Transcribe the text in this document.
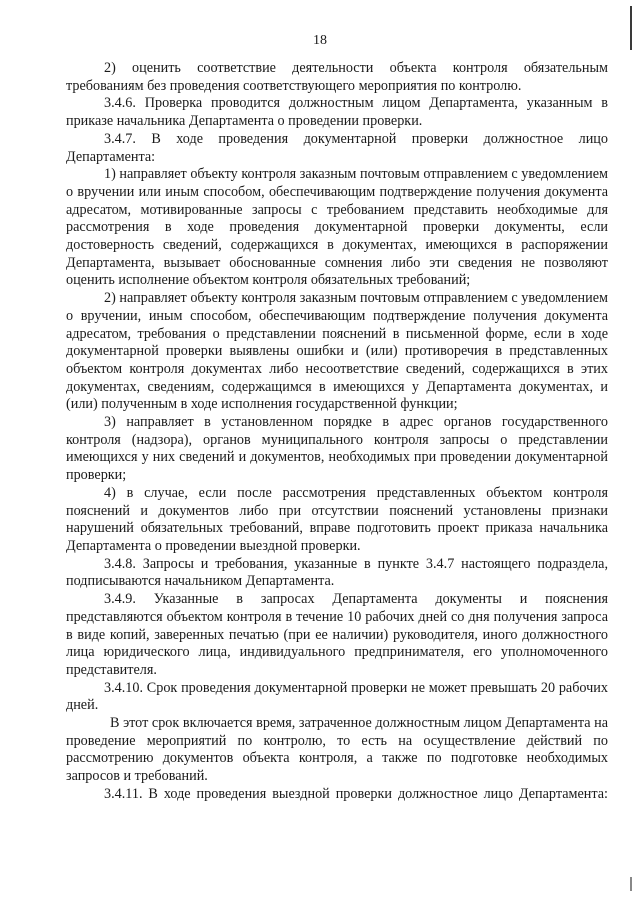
18

2) оценить соответствие деятельности объекта контроля обязательным требованиям без проведения соответствующего мероприятия по контролю.

3.4.6. Проверка проводится должностным лицом Департамента, указанным в приказе начальника Департамента о проведении проверки.

3.4.7. В ходе проведения документарной проверки должностное лицо Департамента:

1) направляет объекту контроля заказным почтовым отправлением с уведомлением о вручении или иным способом, обеспечивающим подтверждение получения документа адресатом, мотивированные запросы с требованием представить необходимые для рассмотрения в ходе проведения документарной проверки документы, если достоверность сведений, содержащихся в документах, имеющихся в распоряжении Департамента, вызывает обоснованные сомнения либо эти сведения не позволяют оценить исполнение объектом контроля обязательных требований;

2) направляет объекту контроля заказным почтовым отправлением с уведомлением о вручении, иным способом, обеспечивающим подтверждение получения документа адресатом, требования о представлении пояснений в письменной форме, если в ходе документарной проверки выявлены ошибки и (или) противоречия в представленных объектом контроля документах либо несоответствие сведений, содержащихся в этих документах, сведениям, содержащимся в имеющихся у Департамента документах, и (или) полученным в ходе исполнения государственной функции;

3) направляет в установленном порядке в адрес органов государственного контроля (надзора), органов муниципального контроля запросы о представлении имеющихся у них сведений и документов, необходимых при проведении документарной проверки;

4) в случае, если после рассмотрения представленных объектом контроля пояснений и документов либо при отсутствии пояснений установлены признаки нарушений обязательных требований, вправе подготовить проект приказа начальника Департамента о проведении выездной проверки.

3.4.8. Запросы и требования, указанные в пункте 3.4.7 настоящего подраздела, подписываются начальником Департамента.

3.4.9. Указанные в запросах Департамента документы и пояснения представляются объектом контроля в течение 10 рабочих дней со дня получения запроса в виде копий, заверенных печатью (при ее наличии) руководителя, иного должностного лица юридического лица, индивидуального предпринимателя, его уполномоченного представителя.

3.4.10. Срок проведения документарной проверки не может превышать 20 рабочих дней.

В этот срок включается время, затраченное должностным лицом Департамента на проведение мероприятий по контролю, то есть на осуществление действий по рассмотрению документов объекта контроля, а также по подготовке необходимых запросов и требований.

3.4.11. В ходе проведения выездной проверки должностное лицо Департамента:
